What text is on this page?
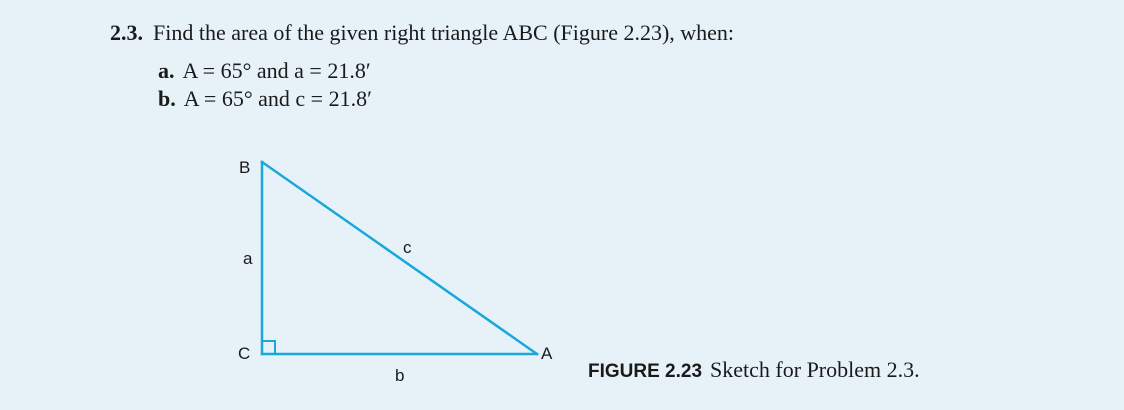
2.3. Find the area of the given right triangle ABC (Figure 2.23), when:
a. A = 65° and a = 21.8′
b. A = 65° and c = 21.8′
B
C	A
a
b
c
FIGURE 2.23 Sketch for Problem 2.3.
